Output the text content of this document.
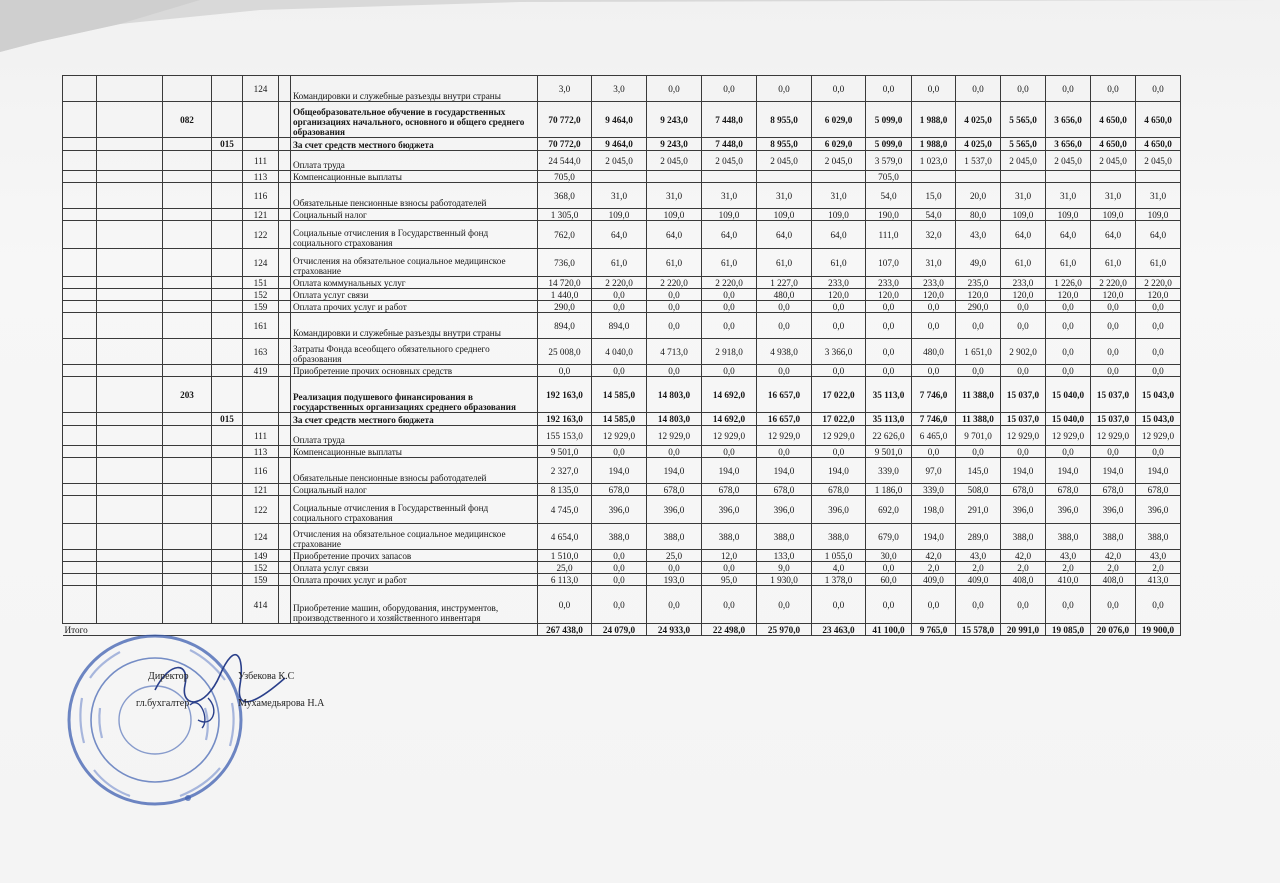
				124		Командировки и служебные разъезды внутри страны	3,0	3,0	0,0	0,0	0,0	0,0	0,0	0,0	0,0	0,0	0,0	0,0	0,0
		082				Общеобразовательное обучение в государственных организациях начального, основного и общего среднего образования	70 772,0	9 464,0	9 243,0	7 448,0	8 955,0	6 029,0	5 099,0	1 988,0	4 025,0	5 565,0	3 656,0	4 650,0	4 650,0
			015			За счет средств местного бюджета	70 772,0	9 464,0	9 243,0	7 448,0	8 955,0	6 029,0	5 099,0	1 988,0	4 025,0	5 565,0	3 656,0	4 650,0	4 650,0
				111		Оплата труда	24 544,0	2 045,0	2 045,0	2 045,0	2 045,0	2 045,0	3 579,0	1 023,0	1 537,0	2 045,0	2 045,0	2 045,0	2 045,0
				113		Компенсационные выплаты	705,0						705,0						
				116		Обязательные пенсионные взносы работодателей	368,0	31,0	31,0	31,0	31,0	31,0	54,0	15,0	20,0	31,0	31,0	31,0	31,0
				121		Социальный налог	1 305,0	109,0	109,0	109,0	109,0	109,0	190,0	54,0	80,0	109,0	109,0	109,0	109,0
				122		Социальные отчисления в Государственный фонд социального страхования	762,0	64,0	64,0	64,0	64,0	64,0	111,0	32,0	43,0	64,0	64,0	64,0	64,0
				124		Отчисления на обязательное социальное медицинское страхование	736,0	61,0	61,0	61,0	61,0	61,0	107,0	31,0	49,0	61,0	61,0	61,0	61,0
				151		Оплата коммунальных услуг	14 720,0	2 220,0	2 220,0	2 220,0	1 227,0	233,0	233,0	233,0	235,0	233,0	1 226,0	2 220,0	2 220,0
				152		Оплата услуг связи	1 440,0	0,0	0,0	0,0	480,0	120,0	120,0	120,0	120,0	120,0	120,0	120,0	120,0
				159		Оплата прочих услуг и работ	290,0	0,0	0,0	0,0	0,0	0,0	0,0	0,0	290,0	0,0	0,0	0,0	0,0
				161		Командировки и служебные разъезды внутри страны	894,0	894,0	0,0	0,0	0,0	0,0	0,0	0,0	0,0	0,0	0,0	0,0	0,0
				163		Затраты Фонда всеобщего обязательного среднего образования	25 008,0	4 040,0	4 713,0	2 918,0	4 938,0	3 366,0	0,0	480,0	1 651,0	2 902,0	0,0	0,0	0,0
				419		Приобретение прочих основных средств	0,0	0,0	0,0	0,0	0,0	0,0	0,0	0,0	0,0	0,0	0,0	0,0	0,0
		203				Реализация подушевого финансирования в государственных организациях среднего образования	192 163,0	14 585,0	14 803,0	14 692,0	16 657,0	17 022,0	35 113,0	7 746,0	11 388,0	15 037,0	15 040,0	15 037,0	15 043,0
			015			За счет средств местного бюджета	192 163,0	14 585,0	14 803,0	14 692,0	16 657,0	17 022,0	35 113,0	7 746,0	11 388,0	15 037,0	15 040,0	15 037,0	15 043,0
				111		Оплата труда	155 153,0	12 929,0	12 929,0	12 929,0	12 929,0	12 929,0	22 626,0	6 465,0	9 701,0	12 929,0	12 929,0	12 929,0	12 929,0
				113		Компенсационные выплаты	9 501,0	0,0	0,0	0,0	0,0	0,0	9 501,0	0,0	0,0	0,0	0,0	0,0	0,0
				116		Обязательные пенсионные взносы работодателей	2 327,0	194,0	194,0	194,0	194,0	194,0	339,0	97,0	145,0	194,0	194,0	194,0	194,0
				121		Социальный налог	8 135,0	678,0	678,0	678,0	678,0	678,0	1 186,0	339,0	508,0	678,0	678,0	678,0	678,0
				122		Социальные отчисления в Государственный фонд социального страхования	4 745,0	396,0	396,0	396,0	396,0	396,0	692,0	198,0	291,0	396,0	396,0	396,0	396,0
				124		Отчисления на обязательное социальное медицинское страхование	4 654,0	388,0	388,0	388,0	388,0	388,0	679,0	194,0	289,0	388,0	388,0	388,0	388,0
				149		Приобретение прочих запасов	1 510,0	0,0	25,0	12,0	133,0	1 055,0	30,0	42,0	43,0	42,0	43,0	42,0	43,0
				152		Оплата услуг связи	25,0	0,0	0,0	0,0	9,0	4,0	0,0	2,0	2,0	2,0	2,0	2,0	2,0
				159		Оплата прочих услуг и работ	6 113,0	0,0	193,0	95,0	1 930,0	1 378,0	60,0	409,0	409,0	408,0	410,0	408,0	413,0
				414		Приобретение машин, оборудования, инструментов, производственного и хозяйственного инвентаря	0,0	0,0	0,0	0,0	0,0	0,0	0,0	0,0	0,0	0,0	0,0	0,0	0,0
Итого							267 438,0	24 079,0	24 933,0	22 498,0	25 970,0	23 463,0	41 100,0	9 765,0	15 578,0	20 991,0	19 085,0	20 076,0	19 900,0
Директор	Узбекова К.С
гл.бухгалтер	Мухамедьярова Н.А
